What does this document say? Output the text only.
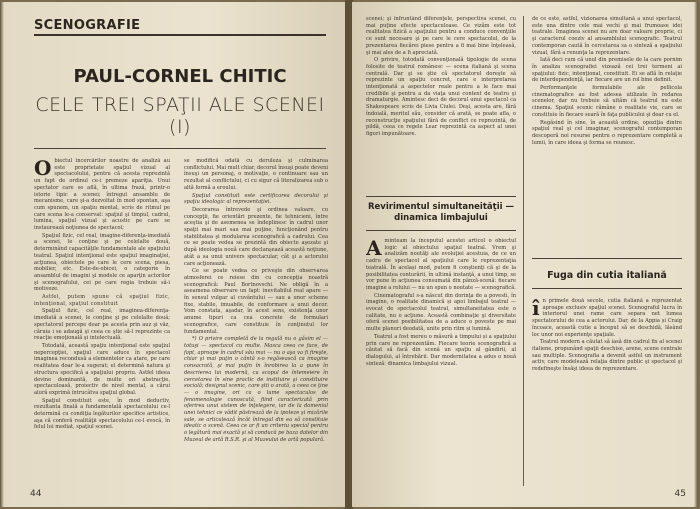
SCENOGRAFIE
PAUL-CORNEL CHITIC
CELE TREI SPAŢII ALE SCENEI
(I)

Obiectul încercărilor noastre de analiză au este proprietate spaţiul vizual al spectacolului, pentru că acesta reprezintă un fapt de ordinul ce-i premeze apariţia. Unui spectator care se află, în ultima frază, printr-o istorie tipic a scenei; întregul ansamblu de mecanisme, care şi-a dezvoltat în mod spontan, aşa cum spunem, un spaţiu mental, scris de ritmul pe care scena le-a conservat: spaţiul şi timpul, cadrul, lumina, spaţiul vizual şi acustic pe care se instaurează noţiunea de spectacol;

Spaţiul fizic, cel real, imagine-diferenţa-imediată a scenei, le conţine şi pe celelalte două, determinând capacităţile fundamentale ale spaţiului teatral. Spaţiul intenţional este spaţiul imaginaţiei, acţiunea, obiectele pe care le cere scena, piesa, mobilier, etc. Este-de-obicei, o categorie în ansamblul de imagini şi modele ce aparţin actorilor şi scenografului, cei pe care regia trebuie să-i motiveze.

Astfel, putem spune că spaţiul fizic, intenţional, spaţiul constituit

Spaţiul fizic, cel real, imaginea-diferenţa-imediată a scenei, le conţine şi pe celelalte două; spectatorul percepe doar pe acesta prin auz şi văz, căruia i se adaugă şi ceea ce ştie să-l reprezinte ca reacţie emoţională şi intelectuală.

Totodată, această spaţiu intenţional este spaţiul nepercepţiei, spaţiul care aduce în spectacol imaginea recondusă a elementelor ca atare, pe care realitatea doar le-a sugerat; el determină natura şi structura specifică a spaţiului propriu. Astfel ideea devine dominantă, de multe ori abstracţie, spectaculoasă, proiectiv de nivel mental, a cărui alură exprimă întrucâtva spaţiul global.

Spaţiul constituit este, în mod deductiv, rezultanta finală a fundamentală spectacolului ce-l determină cu condiţia legăturilor specifice artistice, aşa că conferă realităţii spectacolului ce-l evocă, în felul lui mediat, spaţiul scenei.

se modifică odată cu deruleza şi culminarea conflictului. Mai mult chiar, decorul însuşi poate deveni însuşi un personaj, o motivaţie, o continuare sau un rezultat al conflictului, ci cu sigur că literalizarea sub o altă formă a eroului.

Spaţiul constituit este certificarea decorului şi spaţiu ideologic al reprezentaţiei.

Decorarea întrevede şi ordinea valoare, cu concepţii, fie orientări prezente, fie tehnicieni, între aceştia şi de asemenea se îndeplinesc în cadrul unor spaţii mai mari sau mai puţine, funcţionând pentru stabilitatea şi modularea scenografică a cadrului. Cea ce se poate vedea se prezintă din obiecte aşezate şi după ideologia nouă care declanşează această noţiune, atât a sa unui univers spectacular, cât şi a actorului care acţionează.

Ce se poate vedea ce priveşte din observarea atmosferei ce reiese din cu concepţia noastră scenografică: Paul Bortnovschi. Ne obligă în a aseamena observare un fapt: inevitabilul real apare — în sensul vulgar al cuvântului — sau a unor scheme fixe, stabile, imuabile, de conformare a unui decor. Vom constata, aşadar, în acest sens, existenţa unor anume tipuri ca cea concrete de formulari scenografice, care constituie în conţinutul lor fundamental.

*) O privire completă de la regulă nu o găsim el — totuşi — spectacol cu multe. Masca ceea ce face, de fapt, aproape în cadrul său mai — nu o aşa va fi fireşte, chiar şi mai puţin o cântă s-o regăsească ca imagine consacrată, şi mai puţin în înrobirea la a pune în descrierea lui modernă, cu scopul de întemeiere în cercetarea în sine practic de instituire şi constituire socială; designul scenic, care ştii o arată, a ceea ce ţine — o imagine, ori ca o lume spectaculos de fenomenologie cunoscută, fiind caracterizată prin oferirea unui sistem de înţelegere, iar de la domeniul unei tehnici ce vădit păstrează de la ipoteze şi mizările sale, se articulează încât întregul din ea să constituie ideatic o scenă. Ceea ce ar fi un criteriu special pentru o legătură mai exactă şi să conducă pe baza datelor din Muzeul de artă R.S.R. şi al Muzeului de artă populară.

44

scenei; şi înfruntând diferenţele, perspectiva scenei, cu mai puţine efecte spectaculoase. Ce vizăm este tot realitatea fizică a spaţiului pentru a conduce convenţiile ce sunt necesare şi pe care le cere spectacolul, de la prezentarea fiecărei piese pentru a fi mai bine înţeleasă, şi mai ales de a fi apreciată.

O privire, totodată convenţională tipologie de scena folosite de teatrul românesc — scena italiană şi scena centrală. Dar şi se ştie că spectatorul doreşte să reprezinte un spaţiu concret, care e interpretarea intenţionată a aspectelor reale pentru a le face mai credibile şi pentru a da viaţa unui context de teatru şi dramaturgie. Amintesc deci de decorul unui spectacol ca Shakespeare scris de Livia Ciulei. Deşi, acesta are, fără îndoială, meritul său, consider că arată, se poate afla, o reconstrucţie spaţiului fără de conflict ce reprezintă, de pildă, ceea ce regele Lear reprezintă ca aspect al unei figuri impunătoare.

Revirimentul simultaneităţii — dinamica limbajului

Aminteam la începutul acestei articol o obiectul logic al obiectului spaţiul teatral. Vrem şi analizăm noutăţi ale evoluţiei acestuia, de ce un cadru de spectacol al spaţiului care le reprezentaţia teatrală. În același mod, putem fi conştienţi că şi de la posibilitatea conturării, în ultimă instanţă, a unui timp, se vor pune în acţiunea consumată din pânză-scenă: fiecare imagine a rolului — nu un spun o noutate — scenografică.

Cinematograful s-a născut din dorinţa de a povesti, în imagine, o realitate dinamică și apoi limbajul teatral — evocat de spectacolul teatral, simultaneitatea este o calitate, nu o acţiune. Această combinaţie şi diversitate oferă scenei posibilitatea de a aduce o poveste pe mai multe planuri deodată, unite prin ritm și lumină.

Teatrul a fost mereu o măsură a timpului și a spaţiului prin care ne reprezentăm. Fiecare teorie scenografică a căutat să facă din scenă un spaţiu al gândirii, al dialogului, al întrebării. Dar modernitatea a adus o nouă sinteză: dinamica limbajului vizual.

de ce este, astfel, vizionarea simultană a unui spectacol, este una dintre cele mai vechi şi mai frumoase idei teatrale. Imaginea scenei nu are doar valoare proprie, ci şi caracterul coeziv al ansamblului scenografic. Teatrul contemporan caută în cercetarea sa o sinteză a spaţiului vizual, fără a renunţa la reprezentare.

Iată deci cum că unul din premisele de la care pornim în analiza scenografiei vizează cei trei termeni ai spaţiului: fizic, intenţional, constituit. Ei se află în relaţie de interdependenţă, iar fiecare are un rol bine definit.

Performanţele formulabile ale pellicola cinematografice au fost adesea utilizate în redarea scenelor, dar nu trebuie să uităm că teatrul nu este cinema. Spaţiul scenic rămâne o realitate vie, care se constituie în fiecare seară în faţa publicului şi doar cu el.

Regăsind în sine, în această ordine, opoziţia dintre spaţiul real şi cel imaginar, scenograful contemporan descoperă noi resurse pentru o reprezentare completă a lumii, în care ideea şi forma se reunesc.

Fuga din cutia italiană

în primele două secole, cutia italiană a reprezentat aproape exclusiv spaţiul scenei. Scenograful lucra în interiorul unei rame care separa net lumea spectatorului de cea a actorului. Dar, de la Appia și Craig încoace, această cutie a început să se deschidă, lăsând loc unor noi experienţe spaţiale.

Teatrul modern a căutat să iasă din cadrul fix al scenei italiene, propunând spaţii deschise, arene, scene centrale sau multiple. Scenografia a devenit astfel un instrument activ, care modelează relaţia dintre public şi spectacol şi redefineşte însăşi ideea de reprezentare.

45
